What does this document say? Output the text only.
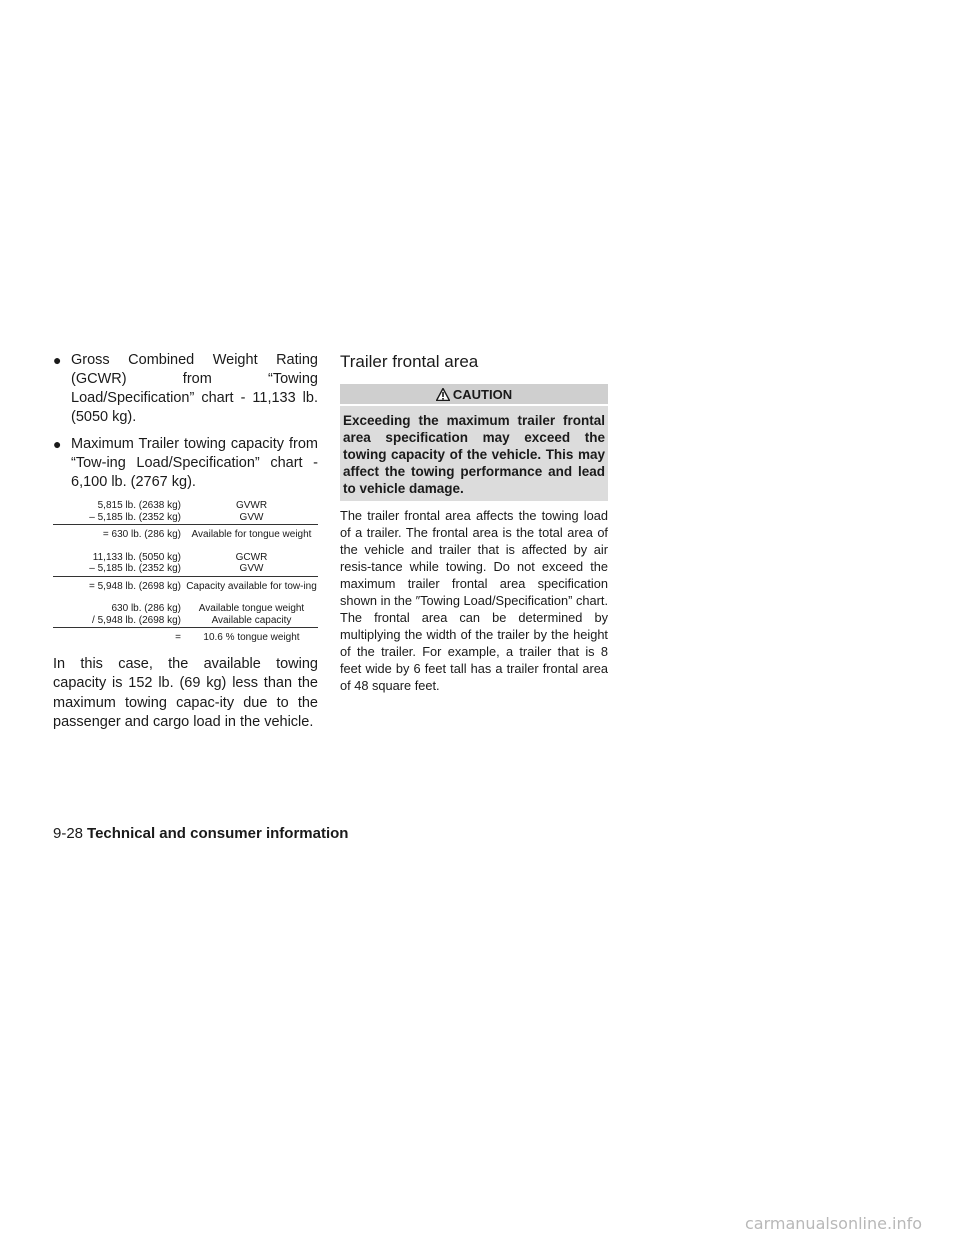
● Gross Combined Weight Rating (GCWR) from “Towing Load/Specification” chart - 11,133 lb. (5050 kg).
● Maximum Trailer towing capacity from “Tow-ing Load/Specification” chart - 6,100 lb. (2767 kg).
5,815 lb. (2638 kg)	GVWR
– 5,185 lb. (2352 kg)	GVW
= 630 lb. (286 kg)	Available for tongue weight
11,133 lb. (5050 kg)	GCWR
– 5,185 lb. (2352 kg)	GVW
= 5,948 lb. (2698 kg) Capacity available for tow-ing
630 lb. (286 kg)	Available tongue weight
/ 5,948 lb. (2698 kg)	Available capacity
=	10.6 % tongue weight
In this case, the available towing capacity is 152 lb. (69 kg) less than the maximum towing capac-ity due to the passenger and cargo load in the vehicle.
Trailer frontal area
CAUTION
Exceeding the maximum trailer frontal area specification may exceed the towing capacity of the vehicle. This may affect the towing performance and lead to vehicle damage.
The trailer frontal area affects the towing load of a trailer. The frontal area is the total area of the vehicle and trailer that is affected by air resis-tance while towing. Do not exceed the maximum trailer frontal area specification shown in the ″Towing Load/Specification” chart. The frontal area can be determined by multiplying the width of the trailer by the height of the trailer. For example, a trailer that is 8 feet wide by 6 feet tall has a trailer frontal area of 48 square feet.
9-28 Technical and consumer information
carmanualsonline.info
